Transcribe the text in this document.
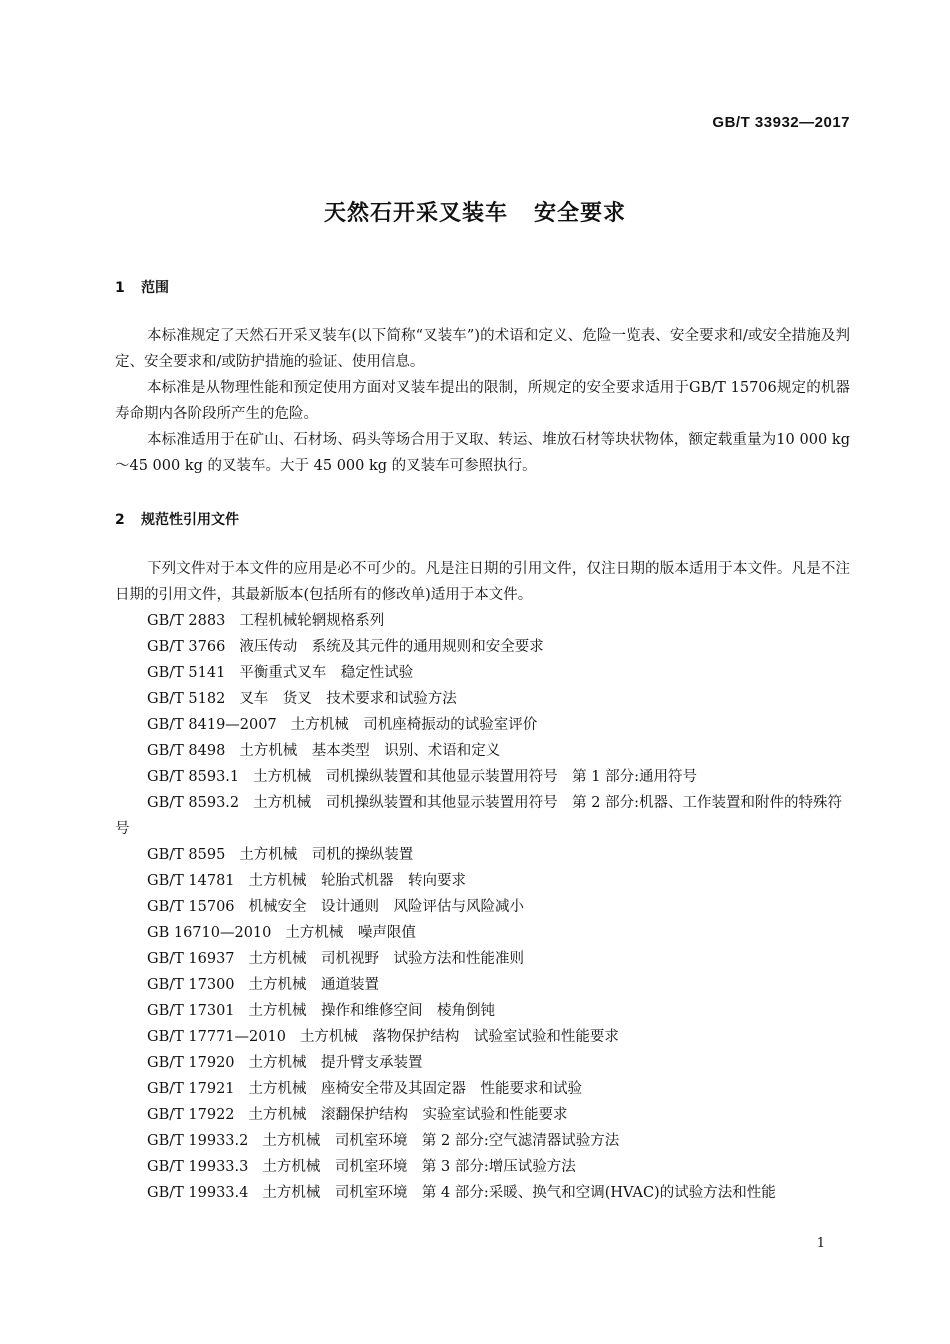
GB/T 33932—2017
天然石开采叉装车 安全要求
1 范围
本标准规定了天然石开采叉装车(以下简称“叉装车”)的术语和定义、危险一览表、安全要求和/或安全措施及判定、安全要求和/或防护措施的验证、使用信息。
本标准是从物理性能和预定使用方面对叉装车提出的限制，所规定的安全要求适用于GB/T 15706规定的机器寿命期内各阶段所产生的危险。
本标准适用于在矿山、石材场、码头等场合用于叉取、转运、堆放石材等块状物体，额定载重量为10 000 kg～45 000 kg 的叉装车。大于 45 000 kg 的叉装车可参照执行。
2 规范性引用文件
下列文件对于本文件的应用是必不可少的。凡是注日期的引用文件，仅注日期的版本适用于本文件。凡是不注日期的引用文件，其最新版本(包括所有的修改单)适用于本文件。
GB/T 2883 工程机械轮辋规格系列
GB/T 3766 液压传动　系统及其元件的通用规则和安全要求
GB/T 5141 平衡重式叉车　稳定性试验
GB/T 5182 叉车　货叉　技术要求和试验方法
GB/T 8419—2007 土方机械　司机座椅振动的试验室评价
GB/T 8498 土方机械　基本类型　识别、术语和定义
GB/T 8593.1 土方机械　司机操纵装置和其他显示装置用符号　第 1 部分:通用符号
GB/T 8593.2 土方机械　司机操纵装置和其他显示装置用符号　第 2 部分:机器、工作装置和附件的特殊符号
GB/T 8595 土方机械　司机的操纵装置
GB/T 14781 土方机械　轮胎式机器　转向要求
GB/T 15706 机械安全　设计通则　风险评估与风险减小
GB 16710—2010 土方机械　噪声限值
GB/T 16937 土方机械　司机视野　试验方法和性能准则
GB/T 17300 土方机械　通道装置
GB/T 17301 土方机械　操作和维修空间　棱角倒钝
GB/T 17771—2010 土方机械　落物保护结构　试验室试验和性能要求
GB/T 17920 土方机械　提升臂支承装置
GB/T 17921 土方机械　座椅安全带及其固定器　性能要求和试验
GB/T 17922 土方机械　滚翻保护结构　实验室试验和性能要求
GB/T 19933.2 土方机械　司机室环境　第 2 部分:空气滤清器试验方法
GB/T 19933.3 土方机械　司机室环境　第 3 部分:增压试验方法
GB/T 19933.4 土方机械　司机室环境　第 4 部分:采暖、换气和空调(HVAC)的试验方法和性能
1
